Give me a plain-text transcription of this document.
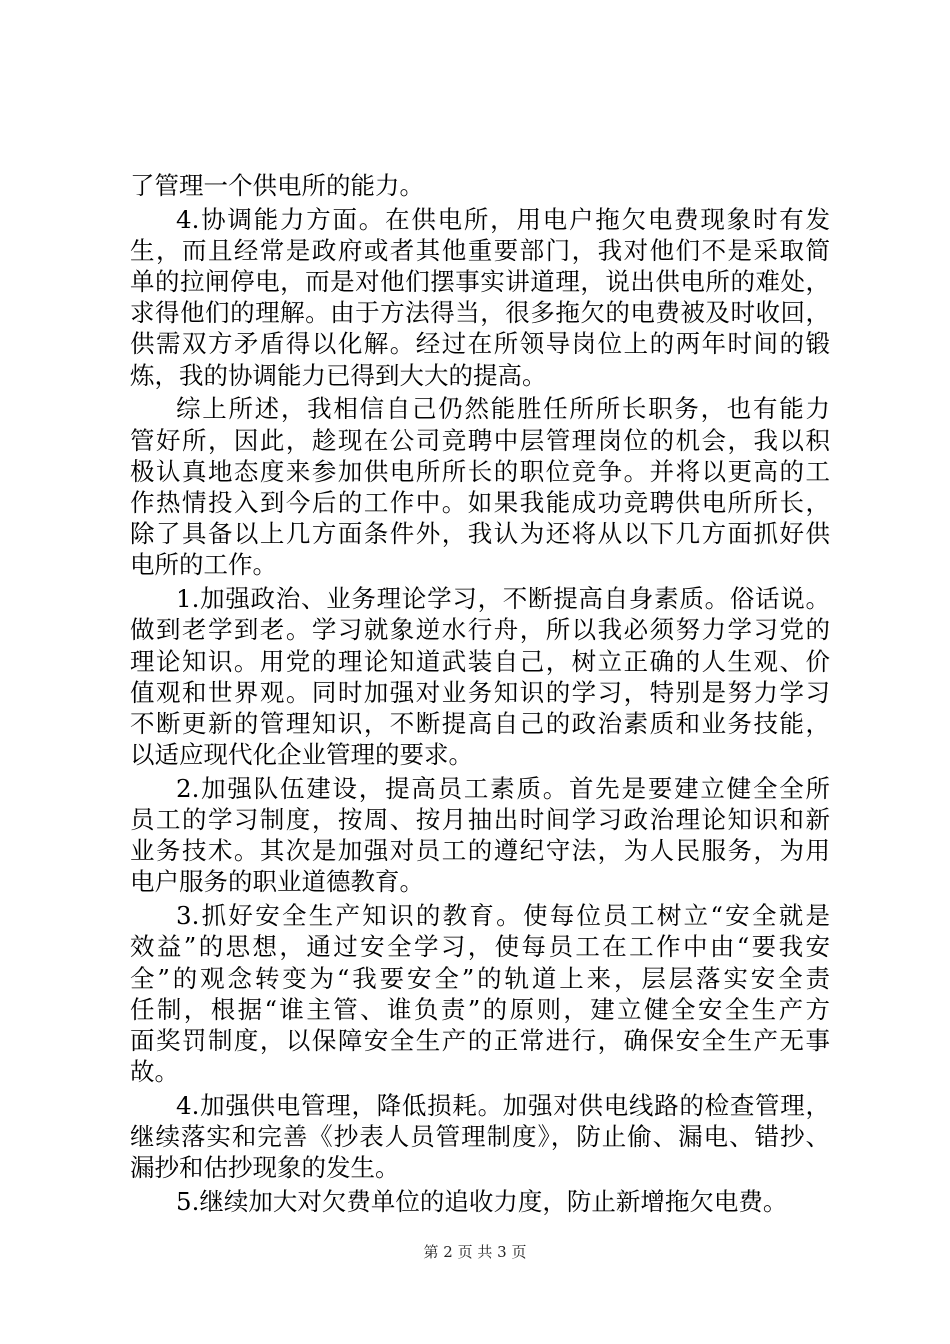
了管理一个供电所的能力。
4.协调能力方面。在供电所，用电户拖欠电费现象时有发
生，而且经常是政府或者其他重要部门，我对他们不是采取简
单的拉闸停电，而是对他们摆事实讲道理，说出供电所的难处，
求得他们的理解。由于方法得当，很多拖欠的电费被及时收回，
供需双方矛盾得以化解。经过在所领导岗位上的两年时间的锻
炼，我的协调能力已得到大大的提高。
综上所述，我相信自己仍然能胜任所所长职务，也有能力
管好所，因此，趁现在公司竞聘中层管理岗位的机会，我以积
极认真地态度来参加供电所所长的职位竞争。并将以更高的工
作热情投入到今后的工作中。如果我能成功竞聘供电所所长，
除了具备以上几方面条件外，我认为还将从以下几方面抓好供
电所的工作。
1.加强政治、业务理论学习，不断提高自身素质。俗话说。
做到老学到老。学习就象逆水行舟，所以我必须努力学习党的
理论知识。用党的理论知道武装自己，树立正确的人生观、价
值观和世界观。同时加强对业务知识的学习，特别是努力学习
不断更新的管理知识，不断提高自己的政治素质和业务技能，
以适应现代化企业管理的要求。
2.加强队伍建设，提高员工素质。首先是要建立健全全所
员工的学习制度，按周、按月抽出时间学习政治理论知识和新
业务技术。其次是加强对员工的遵纪守法，为人民服务，为用
电户服务的职业道德教育。
3.抓好安全生产知识的教育。使每位员工树立“安全就是
效益”的思想，通过安全学习，使每员工在工作中由“要我安
全”的观念转变为“我要安全”的轨道上来，层层落实安全责
任制，根据“谁主管、谁负责”的原则，建立健全安全生产方
面奖罚制度，以保障安全生产的正常进行，确保安全生产无事
故。
4.加强供电管理，降低损耗。加强对供电线路的检查管理，
继续落实和完善《抄表人员管理制度》，防止偷、漏电、错抄、
漏抄和估抄现象的发生。
5.继续加大对欠费单位的追收力度，防止新增拖欠电费。
第 2 页 共 3 页
